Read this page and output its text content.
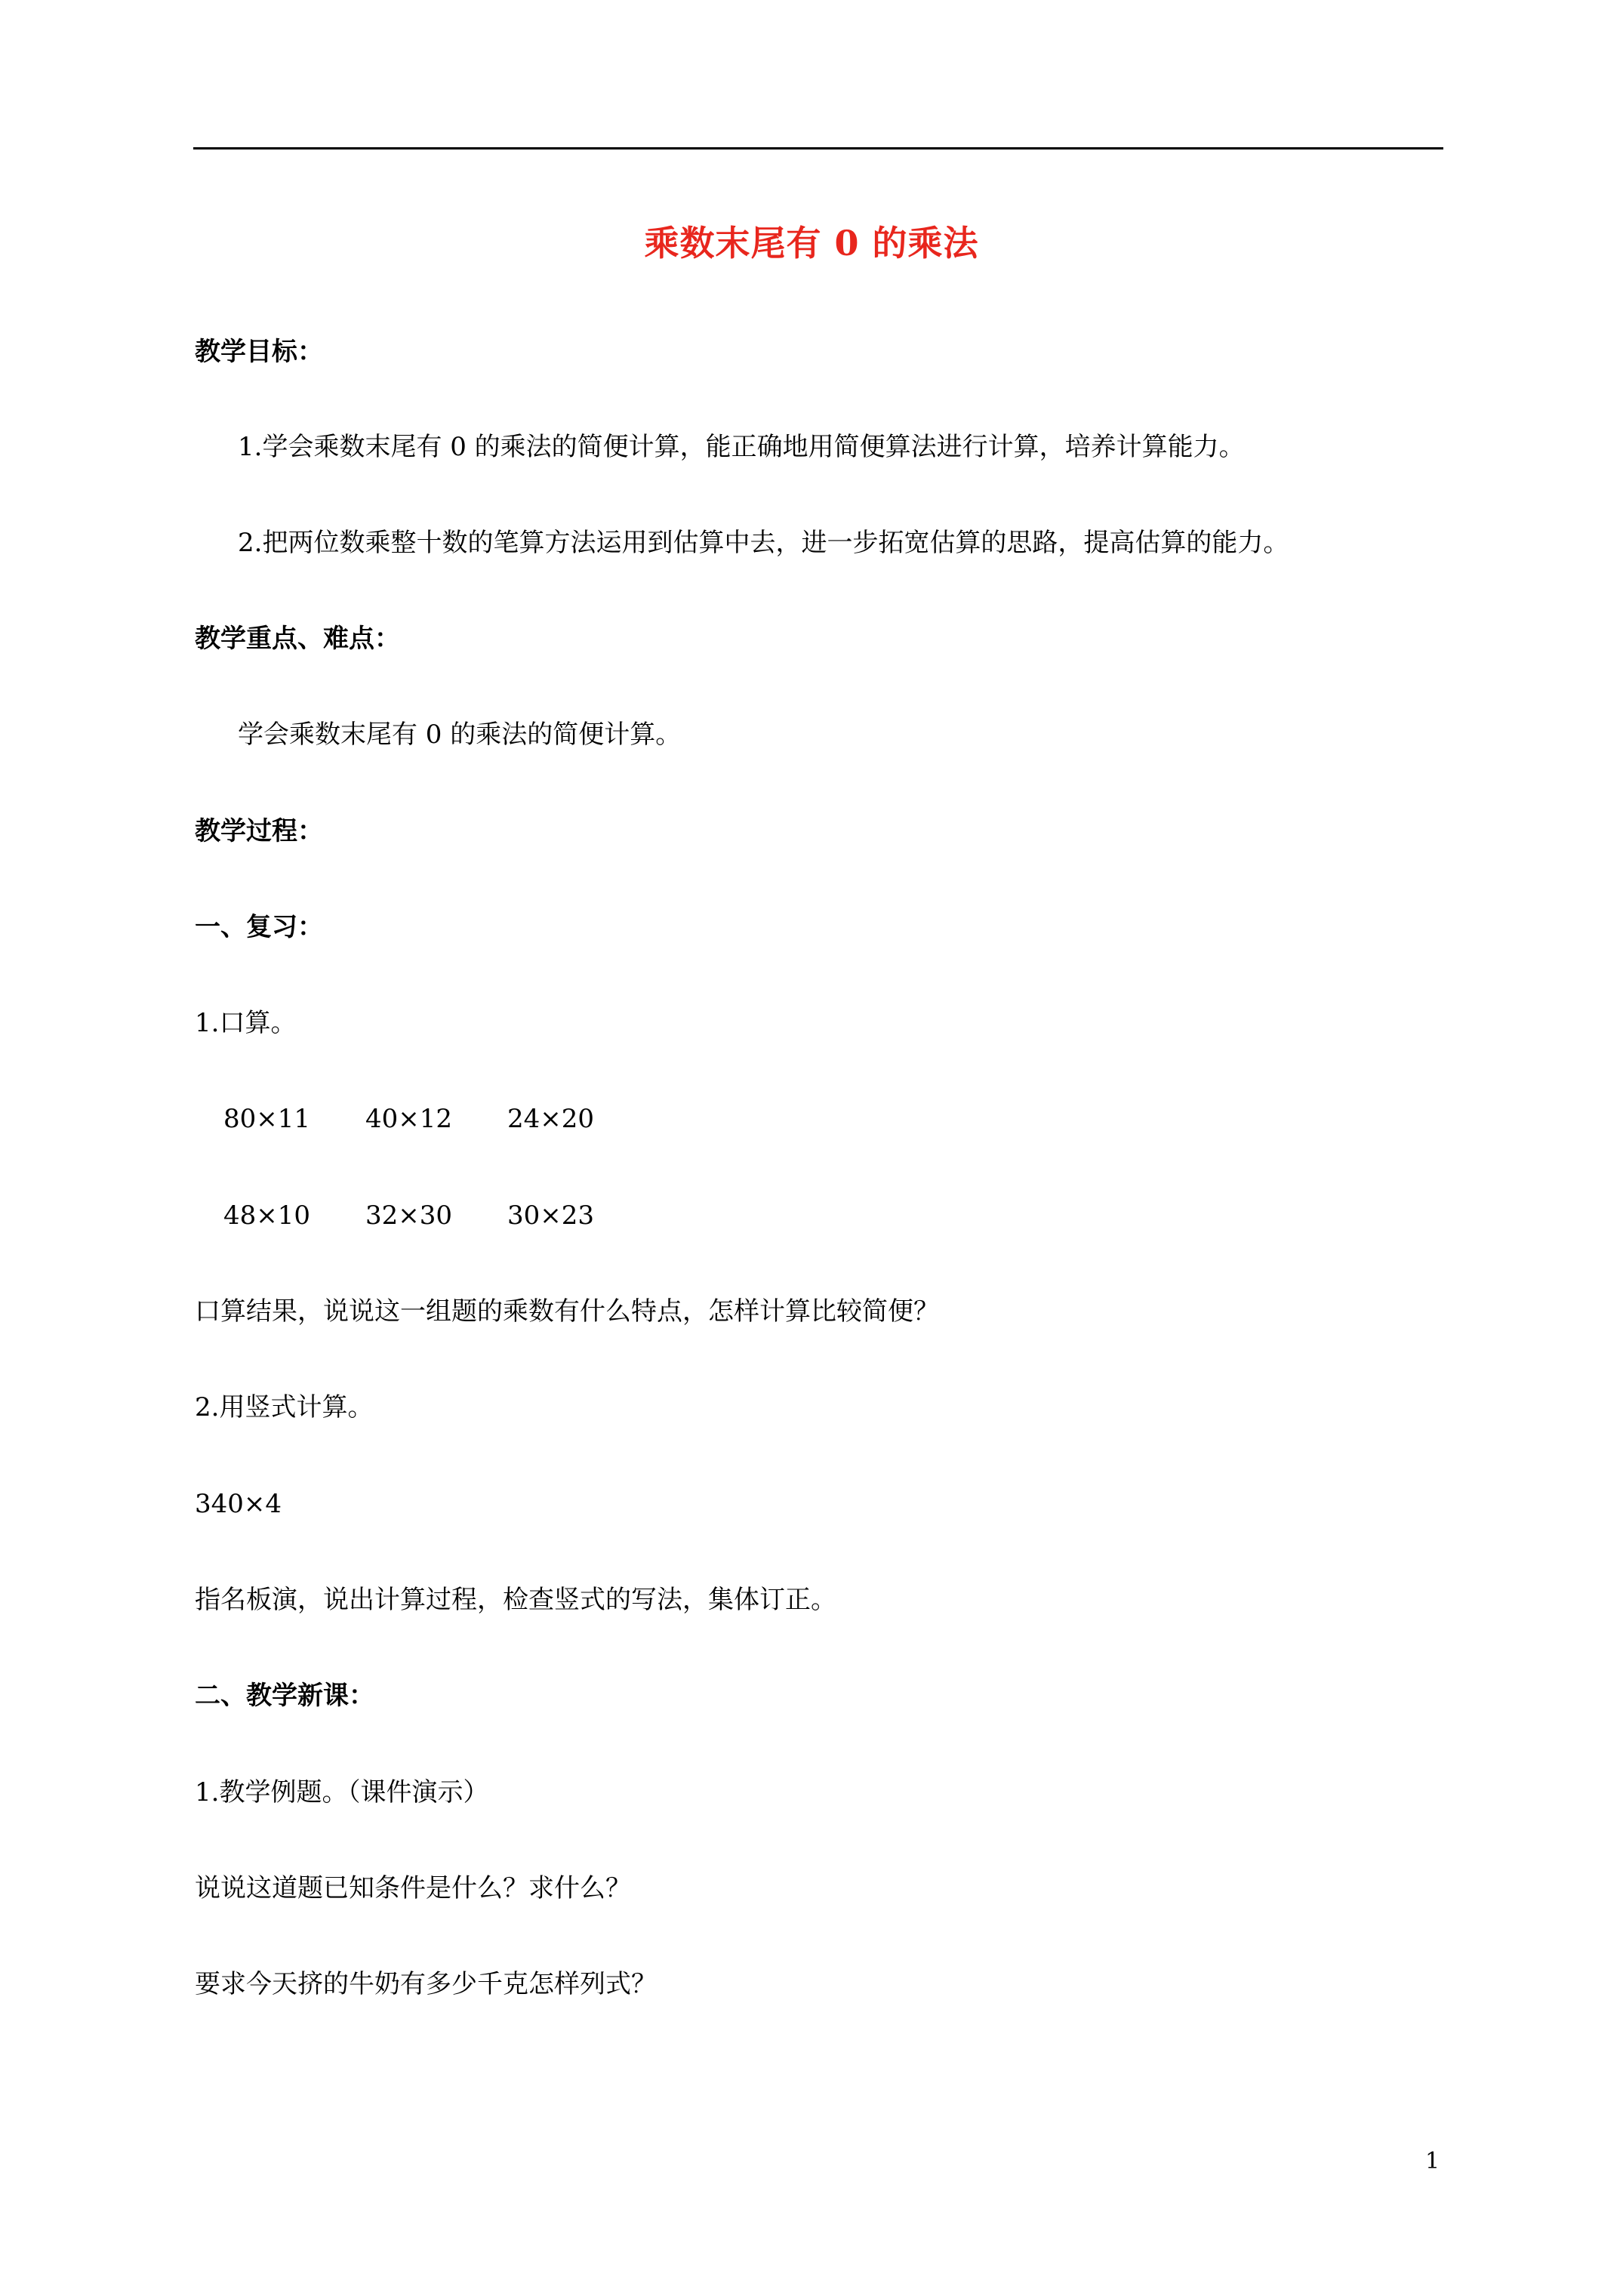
乘数末尾有 0 的乘法
教学目标：
1.学会乘数末尾有 0 的乘法的简便计算，能正确地用简便算法进行计算，培养计算能力。
2.把两位数乘整十数的笔算方法运用到估算中去，进一步拓宽估算的思路，提高估算的能力。
教学重点、难点：
学会乘数末尾有 0 的乘法的简便计算。
教学过程：
一、复习：
1.口算。
80×11 40×12 24×20
48×10 32×30 30×23
口算结果，说说这一组题的乘数有什么特点，怎样计算比较简便？
2.用竖式计算。
340×4
指名板演，说出计算过程，检查竖式的写法，集体订正。
二、教学新课：
1.教学例题。（课件演示）
说说这道题已知条件是什么？求什么？
要求今天挤的牛奶有多少千克怎样列式？
1
